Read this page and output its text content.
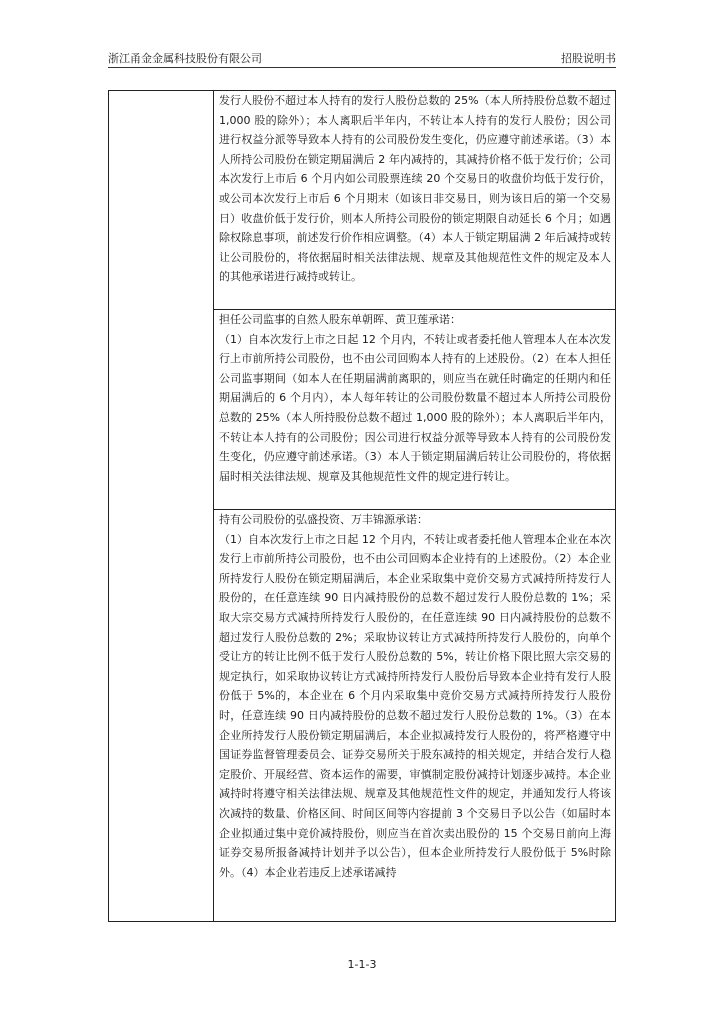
浙江甬金金属科技股份有限公司	招股说明书

发行人股份不超过本人持有的发行人股份总数的 25%（本人所持股份总数不超过 1,000 股的除外）；本人离职后半年内，不转让本人持有的发行人股份；因公司进行权益分派等导致本人持有的公司股份发生变化，仍应遵守前述承诺。（3）本人所持公司股份在锁定期届满后 2 年内减持的，其减持价格不低于发行价；公司本次发行上市后 6 个月内如公司股票连续 20 个交易日的收盘价均低于发行价，或公司本次发行上市后 6 个月期末（如该日非交易日，则为该日后的第一个交易日）收盘价低于发行价，则本人所持公司股份的锁定期限自动延长 6 个月；如遇除权除息事项，前述发行价作相应调整。（4）本人于锁定期届满 2 年后减持或转让公司股份的，将依据届时相关法律法规、规章及其他规范性文件的规定及本人的其他承诺进行减持或转让。

担任公司监事的自然人股东单朝晖、黄卫莲承诺：

（1）自本次发行上市之日起 12 个月内，不转让或者委托他人管理本人在本次发行上市前所持公司股份，也不由公司回购本人持有的上述股份。（2）在本人担任公司监事期间（如本人在任期届满前离职的，则应当在就任时确定的任期内和任期届满后的 6 个月内），本人每年转让的公司股份数量不超过本人所持公司股份总数的 25%（本人所持股份总数不超过 1,000 股的除外）；本人离职后半年内，不转让本人持有的公司股份；因公司进行权益分派等导致本人持有的公司股份发生变化，仍应遵守前述承诺。（3）本人于锁定期届满后转让公司股份的，将依据届时相关法律法规、规章及其他规范性文件的规定进行转让。

持有公司股份的弘盛投资、万丰锦源承诺：

（1）自本次发行上市之日起 12 个月内，不转让或者委托他人管理本企业在本次发行上市前所持公司股份，也不由公司回购本企业持有的上述股份。（2）本企业所持发行人股份在锁定期届满后，本企业采取集中竞价交易方式减持所持发行人股份的，在任意连续 90 日内减持股份的总数不超过发行人股份总数的 1%；采取大宗交易方式减持所持发行人股份的，在任意连续 90 日内减持股份的总数不超过发行人股份总数的 2%；采取协议转让方式减持所持发行人股份的，向单个受让方的转让比例不低于发行人股份总数的 5%，转让价格下限比照大宗交易的规定执行，如采取协议转让方式减持所持发行人股份后导致本企业持有发行人股份低于 5%的，本企业在 6 个月内采取集中竞价交易方式减持所持发行人股份时，任意连续 90 日内减持股份的总数不超过发行人股份总数的 1%。（3）在本企业所持发行人股份锁定期届满后，本企业拟减持发行人股份的，将严格遵守中国证券监督管理委员会、证券交易所关于股东减持的相关规定，并结合发行人稳定股价、开展经营、资本运作的需要，审慎制定股份减持计划逐步减持。本企业减持时将遵守相关法律法规、规章及其他规范性文件的规定，并通知发行人将该次减持的数量、价格区间、时间区间等内容提前 3 个交易日予以公告（如届时本企业拟通过集中竞价减持股份，则应当在首次卖出股份的 15 个交易日前向上海证券交易所报备减持计划并予以公告），但本企业所持发行人股份低于 5%时除外。（4）本企业若违反上述承诺减持

1-1-3
